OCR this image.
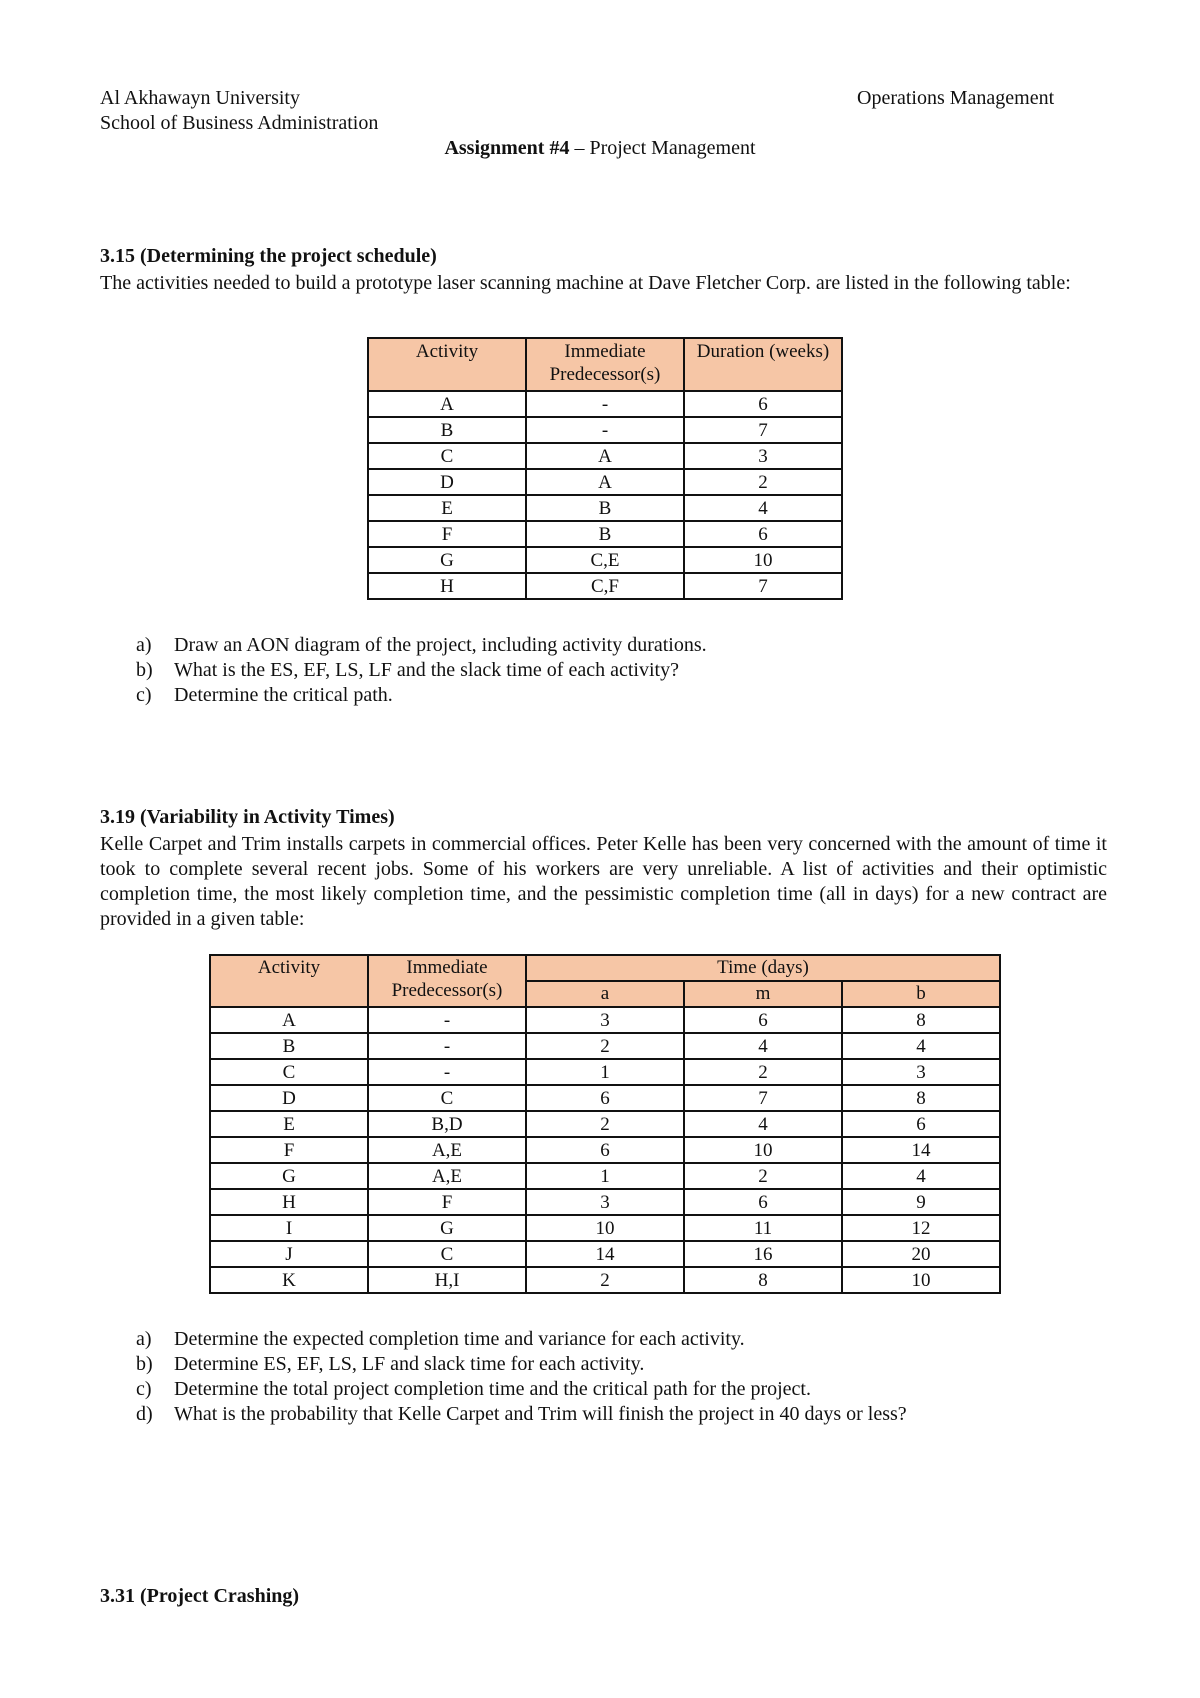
Al Akhawayn University
School of Business Administration
Operations Management
Assignment #4 – Project Management
3.15 (Determining the project schedule)
The activities needed to build a prototype laser scanning machine at Dave Fletcher Corp. are listed in the following table:
Activity	Immediate Predecessor(s)	Duration (weeks)
A	-	6
B	-	7
C	A	3
D	A	2
E	B	4
F	B	6
G	C,E	10
H	C,F	7
a) Draw an AON diagram of the project, including activity durations.
b) What is the ES, EF, LS, LF and the slack time of each activity?
c) Determine the critical path.
3.19 (Variability in Activity Times)
Kelle Carpet and Trim installs carpets in commercial offices. Peter Kelle has been very concerned with the amount of time it took to complete several recent jobs. Some of his workers are very unreliable. A list of activities and their optimistic completion time, the most likely completion time, and the pessimistic completion time (all in days) for a new contract are provided in a given table:
Activity	Immediate Predecessor(s)	Time (days)		
		a	m	b
A	-	3	6	8
B	-	2	4	4
C	-	1	2	3
D	C	6	7	8
E	B,D	2	4	6
F	A,E	6	10	14
G	A,E	1	2	4
H	F	3	6	9
I	G	10	11	12
J	C	14	16	20
K	H,I	2	8	10
a) Determine the expected completion time and variance for each activity.
b) Determine ES, EF, LS, LF and slack time for each activity.
c) Determine the total project completion time and the critical path for the project.
d) What is the probability that Kelle Carpet and Trim will finish the project in 40 days or less?
3.31 (Project Crashing)
